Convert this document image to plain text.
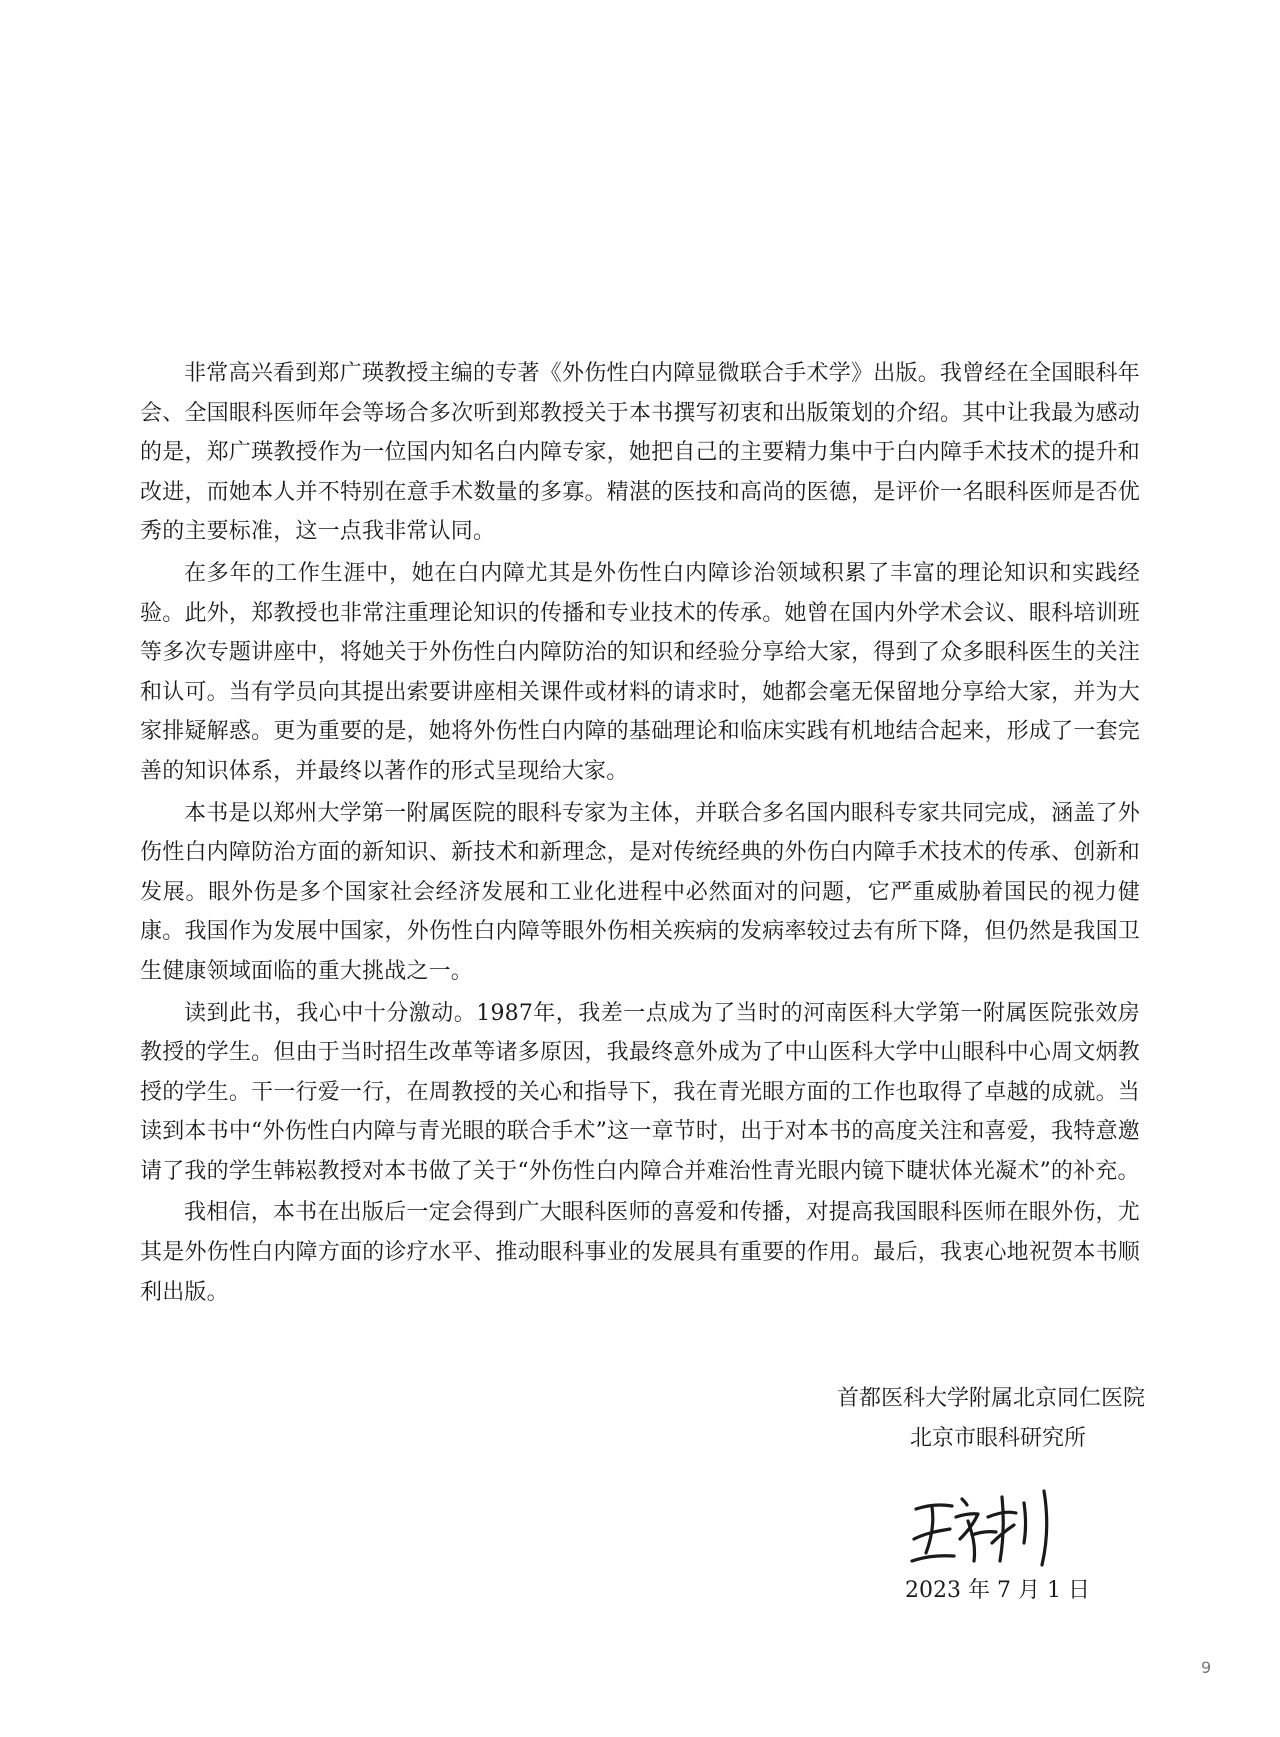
非常高兴看到郑广瑛教授主编的专著《外伤性白内障显微联合手术学》出版。我曾经在全国眼科年会、全国眼科医师年会等场合多次听到郑教授关于本书撰写初衷和出版策划的介绍。其中让我最为感动的是，郑广瑛教授作为一位国内知名白内障专家，她把自己的主要精力集中于白内障手术技术的提升和改进，而她本人并不特别在意手术数量的多寡。精湛的医技和高尚的医德，是评价一名眼科医师是否优秀的主要标准，这一点我非常认同。

在多年的工作生涯中，她在白内障尤其是外伤性白内障诊治领域积累了丰富的理论知识和实践经验。此外，郑教授也非常注重理论知识的传播和专业技术的传承。她曾在国内外学术会议、眼科培训班等多次专题讲座中，将她关于外伤性白内障防治的知识和经验分享给大家，得到了众多眼科医生的关注和认可。当有学员向其提出索要讲座相关课件或材料的请求时，她都会毫无保留地分享给大家，并为大家排疑解惑。更为重要的是，她将外伤性白内障的基础理论和临床实践有机地结合起来，形成了一套完善的知识体系，并最终以著作的形式呈现给大家。

本书是以郑州大学第一附属医院的眼科专家为主体，并联合多名国内眼科专家共同完成，涵盖了外伤性白内障防治方面的新知识、新技术和新理念，是对传统经典的外伤白内障手术技术的传承、创新和发展。眼外伤是多个国家社会经济发展和工业化进程中必然面对的问题，它严重威胁着国民的视力健康。我国作为发展中国家，外伤性白内障等眼外伤相关疾病的发病率较过去有所下降，但仍然是我国卫生健康领域面临的重大挑战之一。

读到此书，我心中十分激动。1987年，我差一点成为了当时的河南医科大学第一附属医院张效房教授的学生。但由于当时招生改革等诸多原因，我最终意外成为了中山医科大学中山眼科中心周文炳教授的学生。干一行爱一行，在周教授的关心和指导下，我在青光眼方面的工作也取得了卓越的成就。当读到本书中“外伤性白内障与青光眼的联合手术”这一章节时，出于对本书的高度关注和喜爱，我特意邀请了我的学生韩崧教授对本书做了关于“外伤性白内障合并难治性青光眼内镜下睫状体光凝术”的补充。

我相信，本书在出版后一定会得到广大眼科医师的喜爱和传播，对提高我国眼科医师在眼外伤，尤其是外伤性白内障方面的诊疗水平、推动眼科事业的发展具有重要的作用。最后，我衷心地祝贺本书顺利出版。

首都医科大学附属北京同仁医院
北京市眼科研究所
2023 年 7 月 1 日
9
